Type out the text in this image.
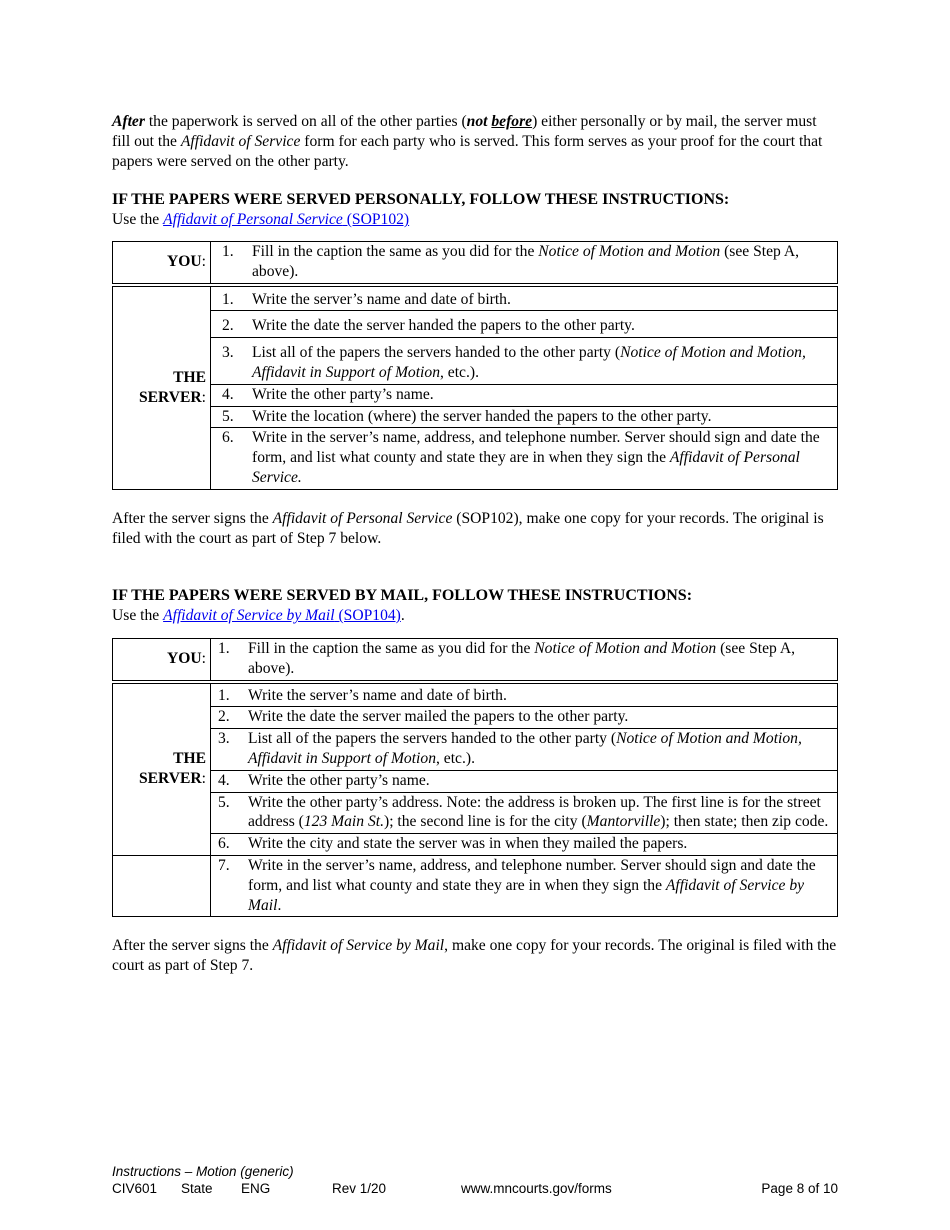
After the paperwork is served on all of the other parties (not before) either personally or by mail, the server must fill out the Affidavit of Service form for each party who is served. This form serves as your proof for the court that papers were served on the other party.

IF THE PAPERS WERE SERVED PERSONALLY, FOLLOW THESE INSTRUCTIONS:

Use the Affidavit of Personal Service (SOP102)

YOU:	1. Fill in the caption the same as you did for the Notice of Motion and Motion (see Step A, above).

THE
SERVER:	1. Write the server’s name and date of birth.

	2. Write the date the server handed the papers to the other party.

	3. List all of the papers the servers handed to the other party (Notice of Motion and Motion, Affidavit in Support of Motion, etc.).

	4. Write the other party’s name.

	5. Write the location (where) the server handed the papers to the other party.

	6. Write in the server’s name, address, and telephone number. Server should sign and date the form, and list what county and state they are in when they sign the Affidavit of Personal Service.

After the server signs the Affidavit of Personal Service (SOP102), make one copy for your records. The original is filed with the court as part of Step 7 below.

IF THE PAPERS WERE SERVED BY MAIL, FOLLOW THESE INSTRUCTIONS:

Use the Affidavit of Service by Mail (SOP104).

YOU:	1. Fill in the caption the same as you did for the Notice of Motion and Motion (see Step A, above).

THE
SERVER:	1. Write the server’s name and date of birth.

	2. Write the date the server mailed the papers to the other party.

	3. List all of the papers the servers handed to the other party (Notice of Motion and Motion, Affidavit in Support of Motion, etc.).

	4. Write the other party’s name.

	5. Write the other party’s address. Note: the address is broken up. The first line is for the street address (123 Main St.); the second line is for the city (Mantorville); then state; then zip code.

	6. Write the city and state the server was in when they mailed the papers.

	7. Write in the server’s name, address, and telephone number. Server should sign and date the form, and list what county and state they are in when they sign the Affidavit of Service by Mail.

After the server signs the Affidavit of Service by Mail, make one copy for your records. The original is filed with the court as part of Step 7.

Instructions – Motion (generic)
CIV601 State ENG	Rev 1/20	www.mncourts.gov/forms	Page 8 of 10
